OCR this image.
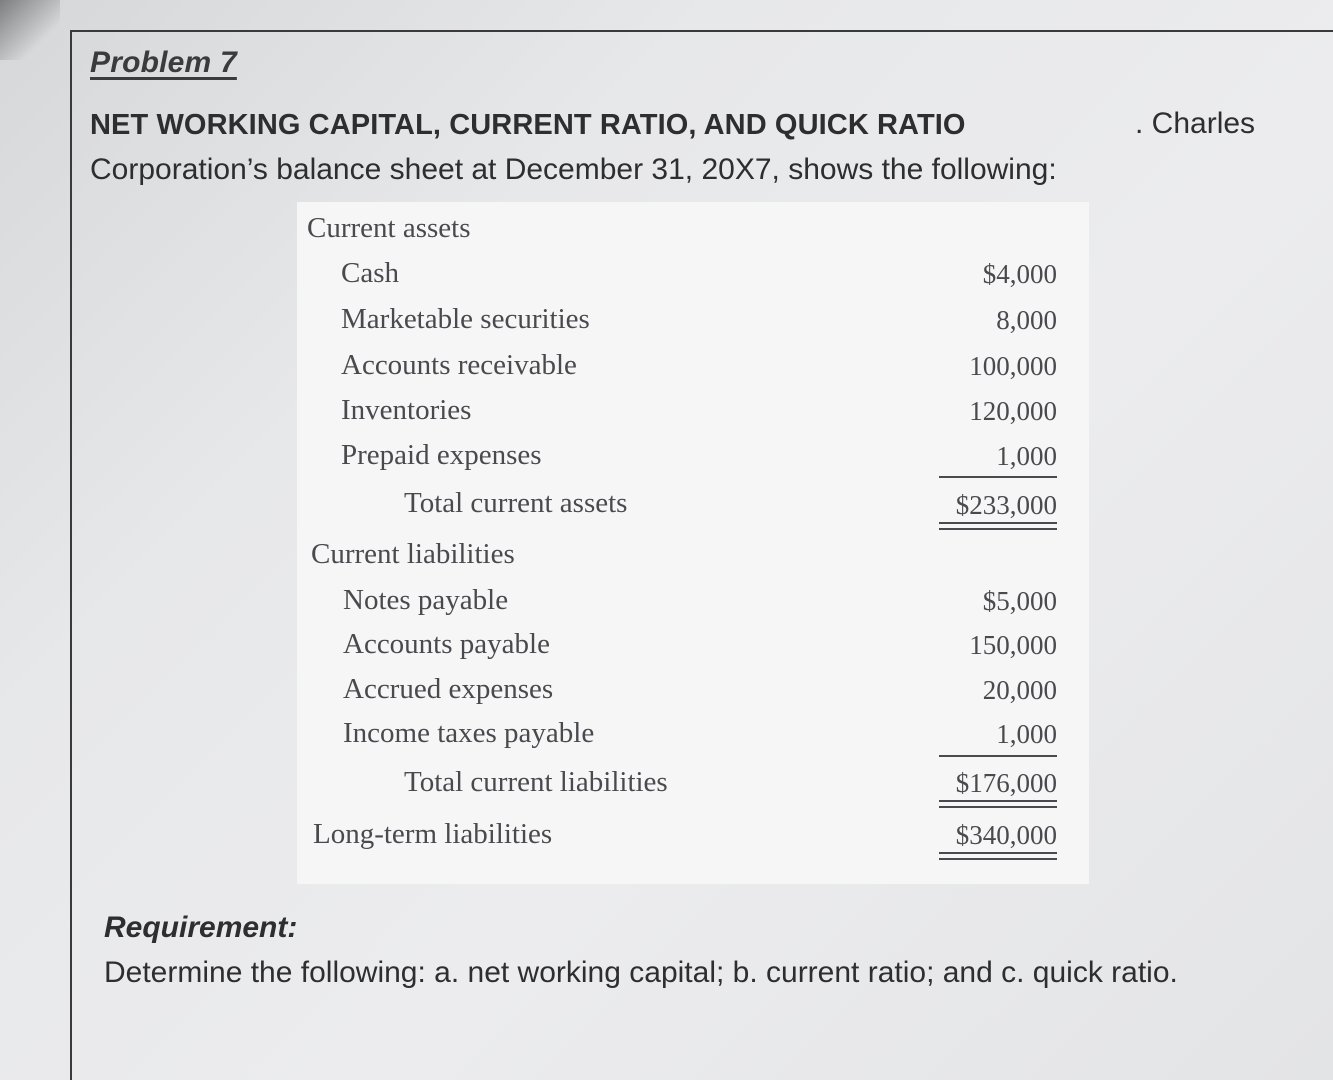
Problem 7
NET WORKING CAPITAL, CURRENT RATIO, AND QUICK RATIO	. Charles
Corporation’s balance sheet at December 31, 20X7, shows the following:
Current assets
Cash	$4,000
Marketable securities	8,000
Accounts receivable	100,000
Inventories	120,000
Prepaid expenses	1,000
Total current assets	$233,000
Current liabilities
Notes payable	$5,000
Accounts payable	150,000
Accrued expenses	20,000
Income taxes payable	1,000
Total current liabilities	$176,000
Long-term liabilities	$340,000
Requirement:
Determine the following: a. net working capital; b. current ratio; and c. quick ratio.
